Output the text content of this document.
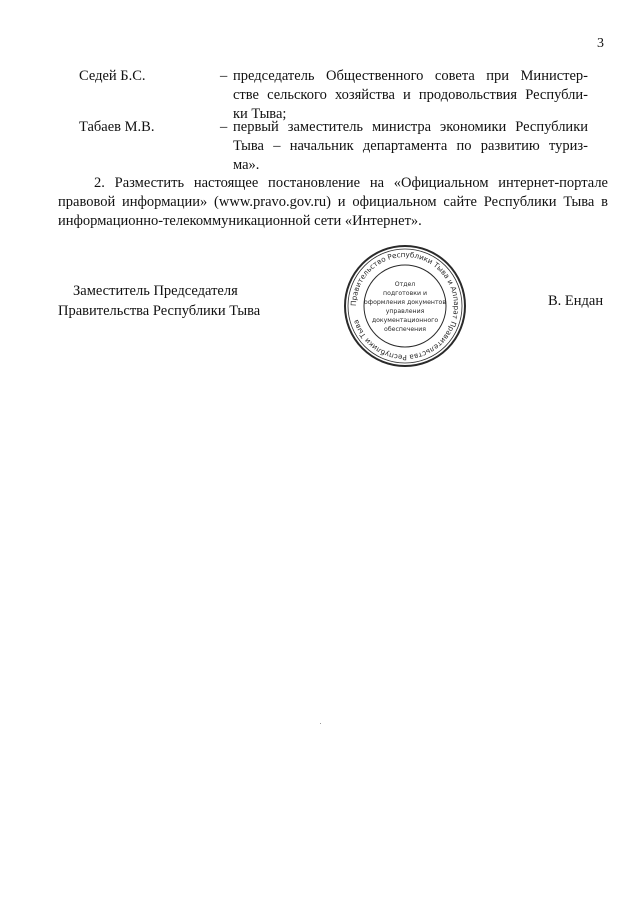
3
Седей Б.С.	– председатель Общественного совета при Министер-
стве сельского хозяйства и продовольствия Республи-
ки Тыва;
Табаев М.В.	– первый заместитель министра экономики Республики
Тыва – начальник департамента по развитию туриз-
ма».
2. Разместить настоящее постановление на «Официальном интернет-портале
правовой информации» (www.pravo.gov.ru) и официальном сайте Республики Тыва в
информационно-телекоммуникационной сети «Интернет».
Заместитель Председателя
Правительства Республики Тыва	Правительство Республики Тыва и Аппарат Правительства Республики Тыва
Отдел
подготовки и
оформления документов
управления
документационного
обеспечения
В. Ендан
